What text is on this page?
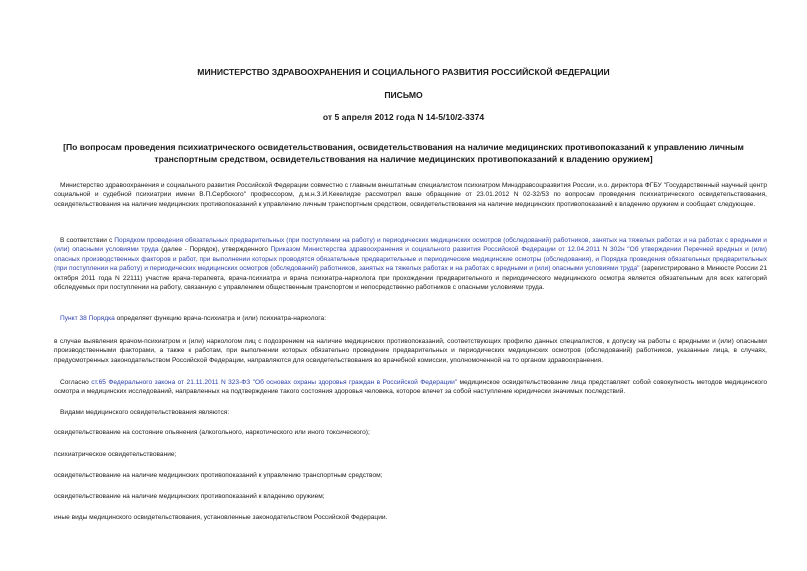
МИНИСТЕРСТВО ЗДРАВООХРАНЕНИЯ И СОЦИАЛЬНОГО РАЗВИТИЯ РОССИЙСКОЙ ФЕДЕРАЦИИ
ПИСЬМО
от 5 апреля 2012 года N 14-5/10/2-3374
[По вопросам проведения психиатрического освидетельствования, освидетельствования на наличие медицинских противопоказаний к управлению личным транспортным средством, освидетельствования на наличие медицинских противопоказаний к владению оружием]

Министерство здравоохранения и социального развития Российской Федерации совместно с главным внештатным специалистом психиатром Минздравсоцразвития России, и.о. директора ФГБУ "Государственный научный центр социальной и судебной психиатрии имени В.П.Сербского" профессором, д.м.н.З.И.Кекелидзе рассмотрел ваше обращение от 23.01.2012 N 02-32/53 по вопросам проведения психиатрического освидетельствования, освидетельствования на наличие медицинских противопоказаний к управлению личным транспортным средством, освидетельствования на наличие медицинских противопоказаний к владению оружием и сообщает следующее.

В соответствии с Порядком проведения обязательных предварительных (при поступлении на работу) и периодических медицинских осмотров (обследований) работников, занятых на тяжелых работах и на работах с вредными и (или) опасными условиями труда (далее - Порядок), утвержденного Приказом Министерства здравоохранения и социального развития Российской Федерации от 12.04.2011 N 302н "Об утверждении Перечней вредных и (или) опасных производственных факторов и работ, при выполнении которых проводятся обязательные предварительные и периодические медицинские осмотры (обследования), и Порядка проведения обязательных предварительных (при поступлении на работу) и периодических медицинских осмотров (обследований) работников, занятых на тяжелых работах и на работах с вредными и (или) опасными условиями труда" (зарегистрировано в Минюсте России 21 октября 2011 года N 22111) участие врача-терапевта, врача-психиатра и врача психиатра-нарколога при прохождении предварительного и периодического медицинского осмотра является обязательным для всех категорий обследуемых при поступлении на работу, связанную с управлением общественным транспортом и непосредственно работников с опасными условиями труда.

Пункт 38 Порядка определяет функцию врача-психиатра и (или) психиатра-нарколога:

в случае выявления врачом-психиатром и (или) наркологом лиц с подозрением на наличие медицинских противопоказаний, соответствующих профилю данных специалистов, к допуску на работы с вредными и (или) опасными производственными факторами, а также к работам, при выполнении которых обязательно проведение предварительных и периодических медицинских осмотров (обследований) работников, указанные лица, в случаях, предусмотренных законодательством Российской Федерации, направляются для освидетельствования во врачебной комиссии, уполномоченной на то органом здравоохранения.

Согласно ст.65 Федерального закона от 21.11.2011 N 323-ФЗ "Об основах охраны здоровья граждан в Российской Федерации" медицинское освидетельствование лица представляет собой совокупность методов медицинского осмотра и медицинских исследований, направленных на подтверждение такого состояния здоровья человека, которое влечет за собой наступление юридически значимых последствий.

Видами медицинского освидетельствования являются:

освидетельствование на состояние опьянения (алкогольного, наркотического или иного токсического);

психиатрическое освидетельствование;

освидетельствование на наличие медицинских противопоказаний к управлению транспортным средством;

освидетельствование на наличие медицинских противопоказаний к владению оружием;

иные виды медицинского освидетельствования, установленные законодательством Российской Федерации.
